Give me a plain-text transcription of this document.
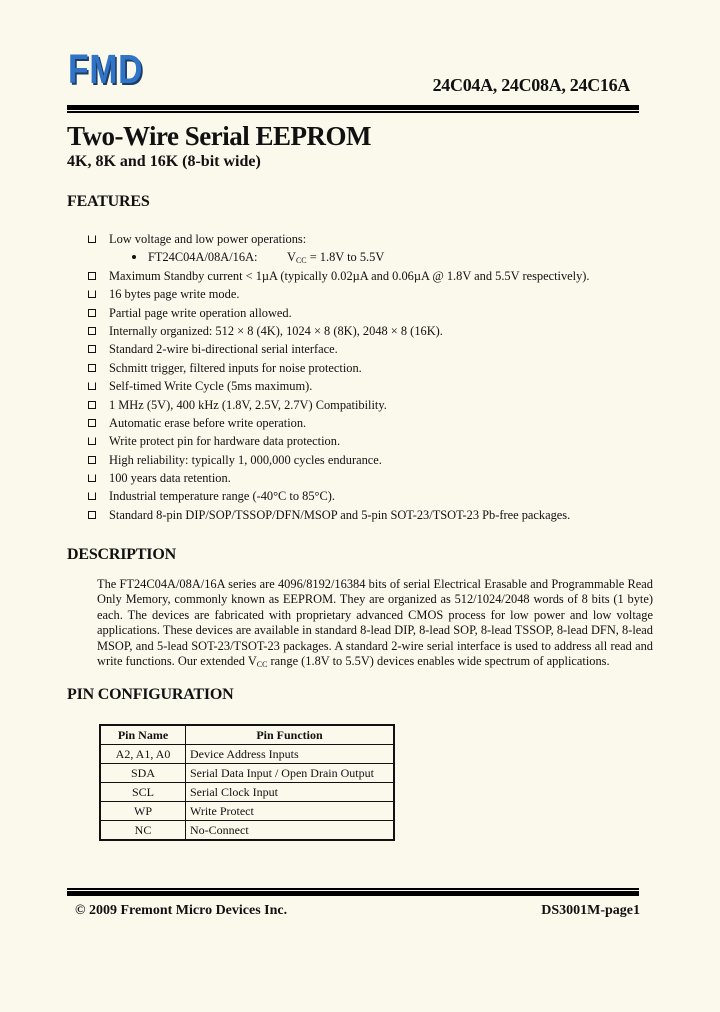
FMD	24C04A, 24C08A, 24C16A
Two-Wire Serial EEPROM
4K, 8K and 16K (8-bit wide)
FEATURES
Low voltage and low power operations:
FT24C04A/08A/16A: $V_{CC} = 1.8V$ to 5.5V
Maximum Standby current < 1µA (typically 0.02µA and 0.06µA @ 1.8V and 5.5V respectively).
16 bytes page write mode.
Partial page write operation allowed.
Internally organized: 512 × 8 (4K), 1024 × 8 (8K), 2048 × 8 (16K).
Standard 2-wire bi-directional serial interface.
Schmitt trigger, filtered inputs for noise protection.
Self-timed Write Cycle (5ms maximum).
1 MHz (5V), 400 kHz (1.8V, 2.5V, 2.7V) Compatibility.
Automatic erase before write operation.
Write protect pin for hardware data protection.
High reliability: typically 1, 000,000 cycles endurance.
100 years data retention.
Industrial temperature range (-40°C to 85°C).
Standard 8-pin DIP/SOP/TSSOP/DFN/MSOP and 5-pin SOT-23/TSOT-23 Pb-free packages.
DESCRIPTION

The FT24C04A/08A/16A series are 4096/8192/16384 bits of serial Electrical Erasable and Programmable Read Only Memory, commonly known as EEPROM. They are organized as 512/1024/2048 words of 8 bits (1 byte) each. The devices are fabricated with proprietary advanced CMOS process for low power and low voltage applications. These devices are available in standard 8-lead DIP, 8-lead SOP, 8-lead TSSOP, 8-lead DFN, 8-lead MSOP, and 5-lead SOT-23/TSOT-23 packages. A standard 2-wire serial interface is used to address all read and write functions. Our extended $V_{CC}$ range (1.8V to 5.5V) devices enables wide spectrum of applications.

PIN CONFIGURATION
Pin Name	Pin Function
A2, A1, A0	Device Address Inputs
SDA	Serial Data Input / Open Drain Output
SCL	Serial Clock Input
WP	Write Protect
NC	No-Connect
© 2009 Fremont Micro Devices Inc.	DS3001M-page1
